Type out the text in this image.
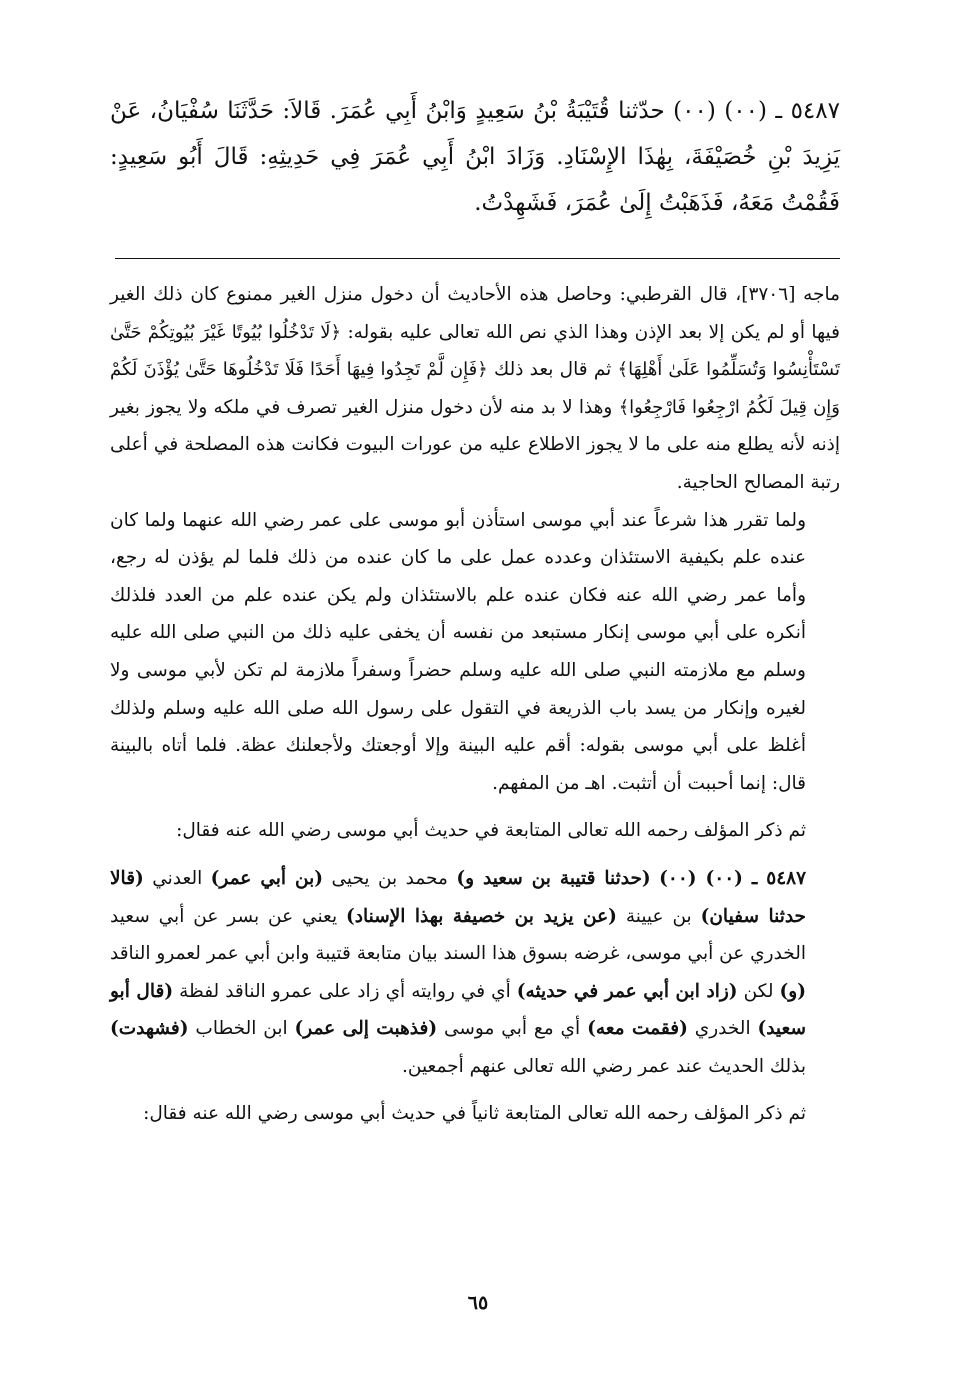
٥٤٨٧ ـ (٠٠) (٠٠) حدّثنا قُتَيْبَةُ بْنُ سَعِيدٍ وَابْنُ أَبِي عُمَرَ. قَالاَ: حَدَّثَنَا سُفْيَانُ، عَنْ يَزِيدَ بْنِ خُصَيْفَةَ، بِهٰذَا الإِسْنَادِ. وَزَادَ ابْنُ أَبِي عُمَرَ فِي حَدِيثِهِ: قَالَ أَبُو سَعِيدٍ: فَقُمْتُ مَعَهُ، فَذَهَبْتُ إِلَىٰ عُمَرَ، فَشَهِدْتُ.

ماجه [٣٧٠٦]، قال القرطبي: وحاصل هذه الأحاديث أن دخول منزل الغير ممنوع كان ذلك الغير فيها أو لم يكن إلا بعد الإذن وهذا الذي نص الله تعالى عليه بقوله: ﴿لَا تَدْخُلُوا بُيُوتًا غَيْرَ بُيُوتِكُمْ حَتَّىٰ تَسْتَأْنِسُوا وَتُسَلِّمُوا عَلَىٰ أَهْلِهَا﴾ ثم قال بعد ذلك ﴿فَإِن لَّمْ تَجِدُوا فِيهَا أَحَدًا فَلَا تَدْخُلُوهَا حَتَّىٰ يُؤْذَنَ لَكُمْ وَإِن قِيلَ لَكُمُ ارْجِعُوا فَارْجِعُوا﴾ وهذا لا بد منه لأن دخول منزل الغير تصرف في ملكه ولا يجوز بغير إذنه لأنه يطلع منه على ما لا يجوز الاطلاع عليه من عورات البيوت فكانت هذه المصلحة في أعلى رتبة المصالح الحاجية.

ولما تقرر هذا شرعاً عند أبي موسى استأذن أبو موسى على عمر رضي الله عنهما ولما كان عنده علم بكيفية الاستئذان وعدده عمل على ما كان عنده من ذلك فلما لم يؤذن له رجع، وأما عمر رضي الله عنه فكان عنده علم بالاستئذان ولم يكن عنده علم من العدد فلذلك أنكره على أبي موسى إنكار مستبعد من نفسه أن يخفى عليه ذلك من النبي صلى الله عليه وسلم مع ملازمته النبي صلى الله عليه وسلم حضراً وسفراً ملازمة لم تكن لأبي موسى ولا لغيره وإنكار من يسد باب الذريعة في التقول على رسول الله صلى الله عليه وسلم ولذلك أغلظ على أبي موسى بقوله: أقم عليه البينة وإلا أوجعتك ولأجعلنك عظة. فلما أتاه بالبينة قال: إنما أحببت أن أتثبت. اهـ من المفهم.

ثم ذكر المؤلف رحمه الله تعالى المتابعة في حديث أبي موسى رضي الله عنه فقال:

٥٤٨٧ ـ (٠٠) (٠٠) (حدثنا قتيبة بن سعيد و) محمد بن يحيى (بن أبي عمر) العدني (قالا حدثنا سفيان) بن عيينة (عن يزيد بن خصيفة بهذا الإسناد) يعني عن بسر عن أبي سعيد الخدري عن أبي موسى، غرضه بسوق هذا السند بيان متابعة قتيبة وابن أبي عمر لعمرو الناقد (و) لكن (زاد ابن أبي عمر في حديثه) أي في روايته أي زاد على عمرو الناقد لفظة (قال أبو سعيد) الخدري (فقمت معه) أي مع أبي موسى (فذهبت إلى عمر) ابن الخطاب (فشهدت) بذلك الحديث عند عمر رضي الله تعالى عنهم أجمعين.

ثم ذكر المؤلف رحمه الله تعالى المتابعة ثانياً في حديث أبي موسى رضي الله عنه فقال:

٦٥
